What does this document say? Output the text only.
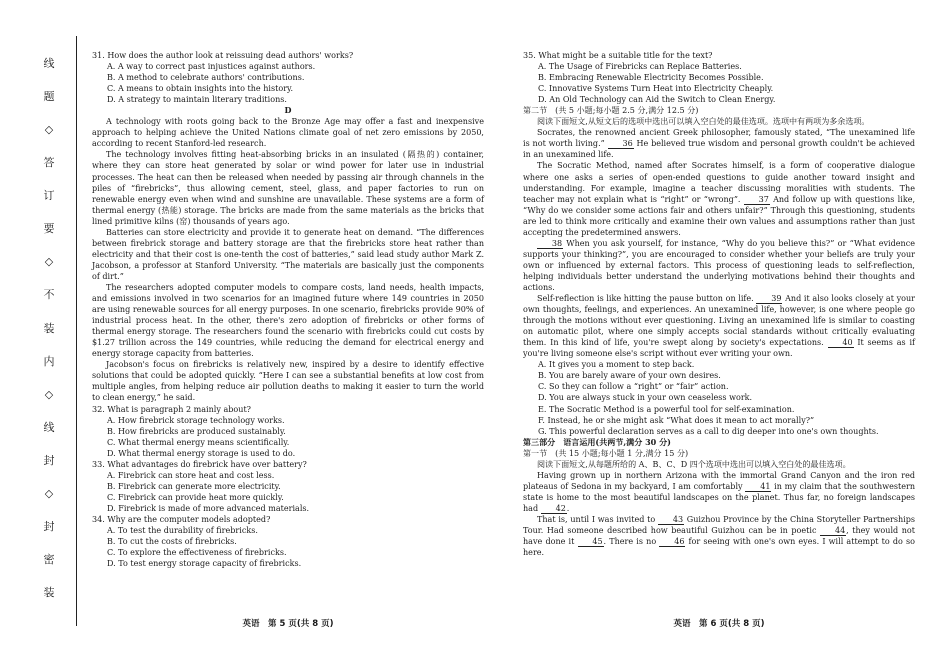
线
题
◇
答
订
要
◇
不
装
内
◇
线
封
◇
封
密
装

31. How does the author look at reissuing dead authors' works?

A. A way to correct past injustices against authors.

B. A method to celebrate authors' contributions.

C. A means to obtain insights into the history.

D. A strategy to maintain literary traditions.

D

A technology with roots going back to the Bronze Age may offer a fast and inexpensive approach to helping achieve the United Nations climate goal of net zero emissions by 2050, according to recent Stanford-led research.

The technology involves fitting heat-absorbing bricks in an insulated (隔热的) container, where they can store heat generated by solar or wind power for later use in industrial processes. The heat can then be released when needed by passing air through channels in the piles of “firebricks”, thus allowing cement, steel, glass, and paper factories to run on renewable energy even when wind and sunshine are unavailable. These systems are a form of thermal energy (热能) storage. The bricks are made from the same materials as the bricks that lined primitive kilns (窑) thousands of years ago.

Batteries can store electricity and provide it to generate heat on demand. “The differences between firebrick storage and battery storage are that the firebricks store heat rather than electricity and that their cost is one-tenth the cost of batteries,” said lead study author Mark Z. Jacobson, a professor at Stanford University. “The materials are basically just the components of dirt.”

The researchers adopted computer models to compare costs, land needs, health impacts, and emissions involved in two scenarios for an imagined future where 149 countries in 2050 are using renewable sources for all energy purposes. In one scenario, firebricks provide 90% of industrial process heat. In the other, there's zero adoption of firebricks or other forms of thermal energy storage. The researchers found the scenario with firebricks could cut costs by $1.27 trillion across the 149 countries, while reducing the demand for electrical energy and energy storage capacity from batteries.

Jacobson's focus on firebricks is relatively new, inspired by a desire to identify effective solutions that could be adopted quickly. “Here I can see a substantial benefits at low cost from multiple angles, from helping reduce air pollution deaths to making it easier to turn the world to clean energy,” he said.

32. What is paragraph 2 mainly about?

A. How firebrick storage technology works.

B. How firebricks are produced sustainably.

C. What thermal energy means scientifically.

D. What thermal energy storage is used to do.

33. What advantages do firebrick have over battery?

A. Firebrick can store heat and cost less.

B. Firebrick can generate more electricity.

C. Firebrick can provide heat more quickly.

D. Firebrick is made of more advanced materials.

34. Why are the computer models adopted?

A. To test the durability of firebricks.

B. To cut the costs of firebricks.

C. To explore the effectiveness of firebricks.

D. To test energy storage capacity of firebricks.

英语　第 5 页(共 8 页)

35. What might be a suitable title for the text?

A. The Usage of Firebricks can Replace Batteries.

B. Embracing Renewable Electricity Becomes Possible.

C. Innovative Systems Turn Heat into Electricity Cheaply.

D. An Old Technology can Aid the Switch to Clean Energy.

第二节　(共 5 小题;每小题 2.5 分,满分 12.5 分)

阅读下面短文,从短文后的选项中选出可以填入空白处的最佳选项。选项中有两项为多余选项。

Socrates, the renowned ancient Greek philosopher, famously stated, “The unexamined life is not worth living.” 36 He believed true wisdom and personal growth couldn't be achieved in an unexamined life.

The Socratic Method, named after Socrates himself, is a form of cooperative dialogue where one asks a series of open-ended questions to guide another toward insight and understanding. For example, imagine a teacher discussing moralities with students. The teacher may not explain what is “right” or “wrong”. 37 And follow up with questions like, “Why do we consider some actions fair and others unfair?” Through this questioning, students are led to think more critically and examine their own values and assumptions rather than just accepting the predetermined answers.

38 When you ask yourself, for instance, “Why do you believe this?” or “What evidence supports your thinking?”, you are encouraged to consider whether your beliefs are truly your own or influenced by external factors. This process of questioning leads to self-reflection, helping individuals better understand the underlying motivations behind their thoughts and actions.

Self-reflection is like hitting the pause button on life. 39 And it also looks closely at your own thoughts, feelings, and experiences. An unexamined life, however, is one where people go through the motions without ever questioning. Living an unexamined life is similar to coasting on automatic pilot, where one simply accepts social standards without critically evaluating them. In this kind of life, you're swept along by society's expectations. 40 It seems as if you're living someone else's script without ever writing your own.

A. It gives you a moment to step back.

B. You are barely aware of your own desires.

C. So they can follow a “right” or “fair” action.

D. You are always stuck in your own ceaseless work.

E. The Socratic Method is a powerful tool for self-examination.

F. Instead, he or she might ask “What does it mean to act morally?”

G. This powerful declaration serves as a call to dig deeper into one's own thoughts.

第三部分　语言运用(共两节,满分 30 分)

第一节　(共 15 小题;每小题 1 分,满分 15 分)

阅读下面短文,从每题所给的 A、B、C、D 四个选项中选出可以填入空白处的最佳选项。

Having grown up in northern Arizona with the immortal Grand Canyon and the iron red plateaus of Sedona in my backyard, I am comfortably 41 in my claim that the southwestern state is home to the most beautiful landscapes on the planet. Thus far, no foreign landscapes had 42.

That is, until I was invited to 43 Guizhou Province by the China Storyteller Partnerships Tour. Had someone described how beautiful Guizhou can be in poetic 44, they would not have done it 45. There is no 46 for seeing with one's own eyes. I will attempt to do so here.

英语　第 6 页(共 8 页)
